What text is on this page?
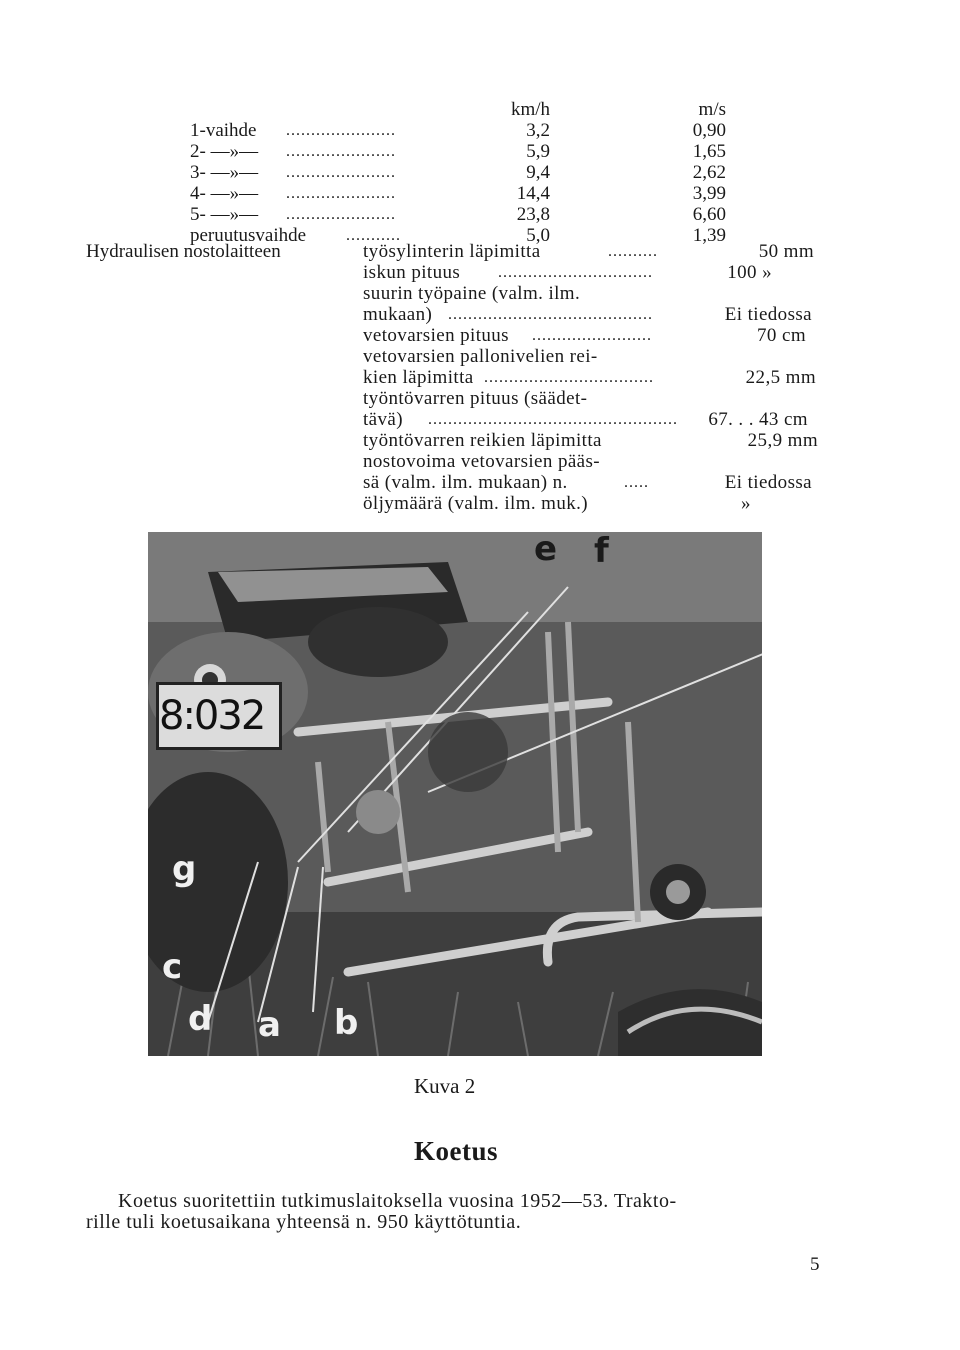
km/h	m/s
1-vaihde ......................	3,2	0,90
2- —»— ......................	5,9	1,65
3- —»— ......................	9,4	2,62
4- —»— ......................	14,4	3,99
5- —»— ......................	23,8	6,60
peruutusvaihde ...........	5,0	1,39
Hydraulisen nostolaitteen	työsylinterin läpimitta	..........	50 mm
iskun pituus ...............................	100 »
suurin työpaine (valm. ilm.
mukaan) .........................................	Ei tiedossa
vetovarsien pituus ........................	70 cm
vetovarsien pallonivelien rei-
kien läpimitta ..................................	22,5 mm
työntövarren pituus (säädet-
tävä) ..................................................	67. . . 43 cm
työntövarren reikien läpimitta	25,9 mm
nostovoima vetovarsien pääs-
sä (valm. ilm. mukaan) n.	.....	Ei tiedossa
öljymäärä (valm. ilm. muk.)	»
8:032
e f
g
c
d a b
Kuva 2
Koetus
Koetus suoritettiin tutkimuslaitoksella vuosina 1952—53. Trakto-
rille tuli koetusaikana yhteensä n. 950 käyttötuntia.
5
